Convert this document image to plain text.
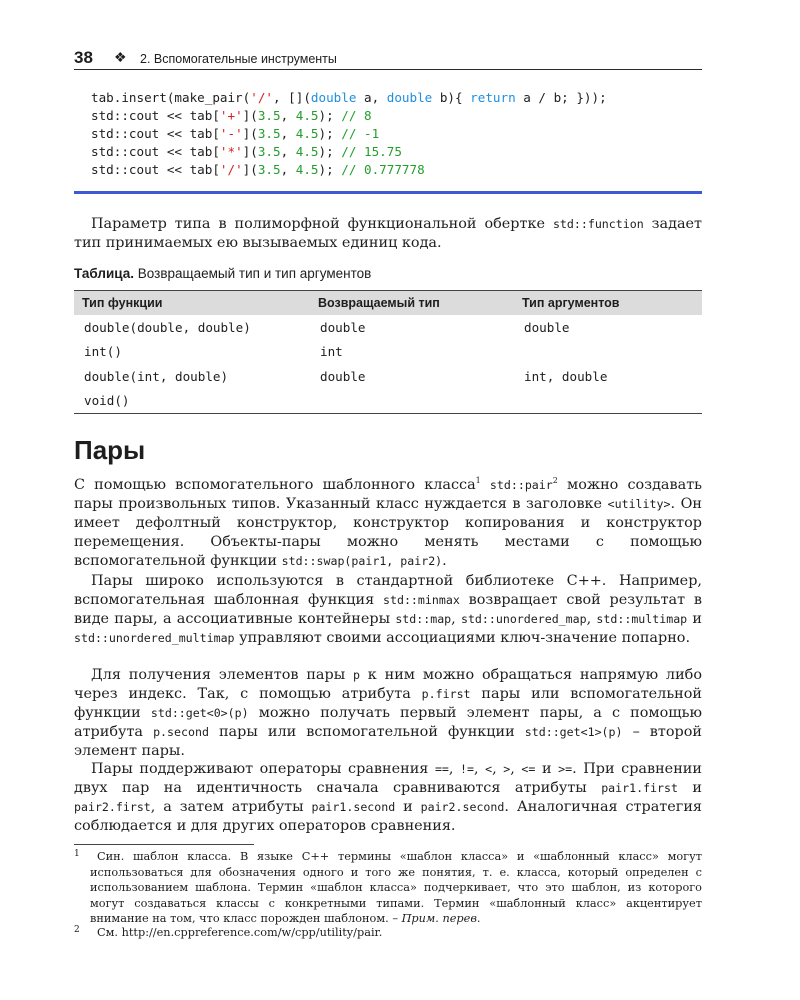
38 ❖ 2. Вспомогательные инструменты
tab.insert(make_pair('/', [](double a, double b){ return a / b; }));
std::cout << tab['+'](3.5, 4.5); // 8
std::cout << tab['-'](3.5, 4.5); // -1
std::cout << tab['*'](3.5, 4.5); // 15.75
std::cout << tab['/'](3.5, 4.5); // 0.777778

Параметр типа в полиморфной функциональной обертке std::function задает тип принимаемых ею вызываемых единиц кода.

Таблица. Возвращаемый тип и тип аргументов
Тип функции	Возвращаемый тип	Тип аргументов
double(double, double)	double	double
int()	int	
double(int, double)	double	int, double
void()		
Пары

С помощью вспомогательного шаблонного класса$^1$ std::pair$^2$ можно создавать пары произвольных типов. Указанный класс нуждается в заголовке <utility>. Он имеет дефолтный конструктор, конструктор копирования и конструктор перемещения. Объекты-пары можно менять местами с помощью вспомогательной функции std::swap(pair1, pair2).

Пары широко используются в стандартной библиотеке C++. Например, вспомогательная шаблонная функция std::minmax возвращает свой результат в виде пары, а ассоциативные контейнеры std::map, std::unordered_map, std::multimap и std::unordered_multimap управляют своими ассоциациями ключ-значение попарно.

Для получения элементов пары p к ним можно обращаться напрямую либо через индекс. Так, с помощью атрибута p.first пары или вспомогательной функции std::get<0>(p) можно получать первый элемент пары, а с помощью атрибута p.second пары или вспомогательной функции std::get<1>(p) – второй элемент пары.

Пары поддерживают операторы сравнения ==, !=, <, >, <= и >=. При сравнении двух пар на идентичность сначала сравниваются атрибуты pair1.first и pair2.first, а затем атрибуты pair1.second и pair2.second. Аналогичная стратегия соблюдается и для других операторов сравнения.

1	Син. шаблон класса. В языке C++ термины «шаблон класса» и «шаблонный класс» могут использоваться для обозначения одного и того же понятия, т. е. класса, который определен с использованием шаблона. Термин «шаблон класса» подчеркивает, что это шаблон, из которого могут создаваться классы с конкретными типами. Термин «шаблонный класс» акцентирует внимание на том, что класс порожден шаблоном. – Прим. перев.
2	См. http://en.cppreference.com/w/cpp/utility/pair.
